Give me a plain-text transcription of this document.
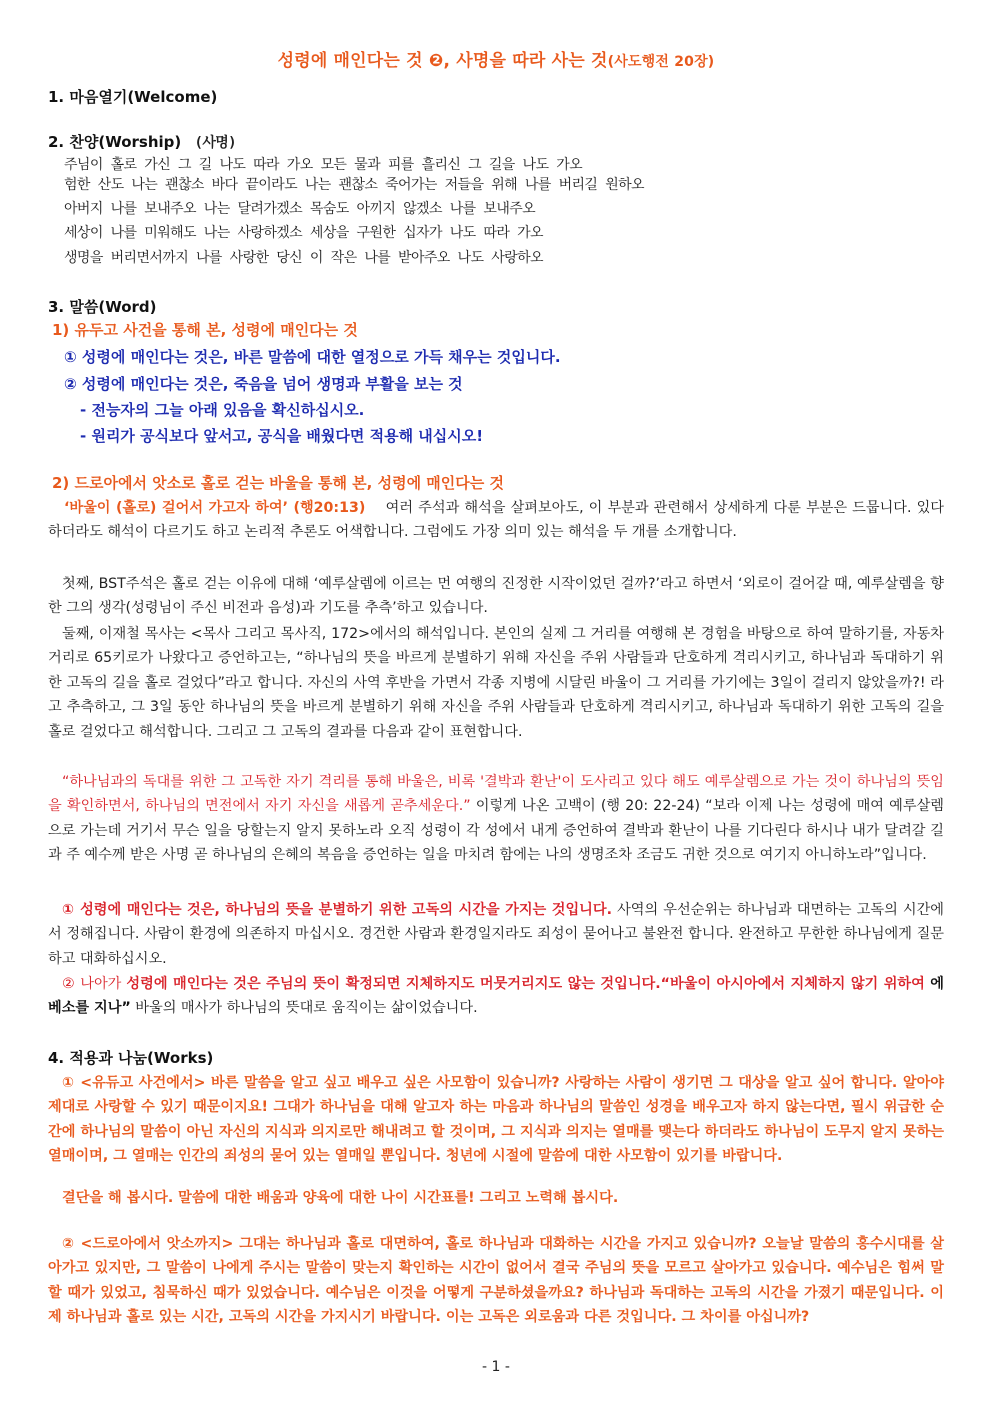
성령에 매인다는 것 ❷, 사명을 따라 사는 것(사도행전 20장)
1. 마음열기(Welcome)
2. 찬양(Worship) (사명)
주님이 홀로 가신 그 길 나도 따라 가오 모든 물과 피를 흘리신 그 길을 나도 가오
험한 산도 나는 괜찮소 바다 끝이라도 나는 괜찮소 죽어가는 저들을 위해 나를 버리길 원하오
아버지 나를 보내주오 나는 달려가겠소 목숨도 아끼지 않겠소 나를 보내주오
세상이 나를 미워해도 나는 사랑하겠소 세상을 구원한 십자가 나도 따라 가오
생명을 버리면서까지 나를 사랑한 당신 이 작은 나를 받아주오 나도 사랑하오
3. 말씀(Word)
1) 유두고 사건을 통해 본, 성령에 매인다는 것
① 성령에 매인다는 것은, 바른 말씀에 대한 열정으로 가득 채우는 것입니다.
② 성령에 매인다는 것은, 죽음을 넘어 생명과 부활을 보는 것
- 전능자의 그늘 아래 있음을 확신하십시오.
- 원리가 공식보다 앞서고, 공식을 배웠다면 적용해 내십시오!
2) 드로아에서 앗소로 홀로 걷는 바울을 통해 본, 성령에 매인다는 것
‘바울이 (홀로) 걸어서 가고자 하여’ (행20:13) 여러 주석과 해석을 살펴보아도, 이 부분과 관련해서 상세하게 다룬 부분은 드뭅니다. 있다하더라도 해석이 다르기도 하고 논리적 추론도 어색합니다. 그럼에도 가장 의미 있는 해석을 두 개를 소개합니다.
첫째, BST주석은 홀로 걷는 이유에 대해 ‘예루살렘에 이르는 먼 여행의 진정한 시작이었던 걸까?’라고 하면서 ‘외로이 걸어갈 때, 예루살렘을 향한 그의 생각(성령님이 주신 비전과 음성)과 기도를 추측’하고 있습니다.
둘째, 이재철 목사는 <목사 그리고 목사직, 172>에서의 해석입니다. 본인의 실제 그 거리를 여행해 본 경험을 바탕으로 하여 말하기를, 자동차 거리로 65키로가 나왔다고 증언하고는, “하나님의 뜻을 바르게 분별하기 위해 자신을 주위 사람들과 단호하게 격리시키고, 하나님과 독대하기 위한 고독의 길을 홀로 걸었다”라고 합니다. 자신의 사역 후반을 가면서 각종 지병에 시달린 바울이 그 거리를 가기에는 3일이 걸리지 않았을까?! 라고 추측하고, 그 3일 동안 하나님의 뜻을 바르게 분별하기 위해 자신을 주위 사람들과 단호하게 격리시키고, 하나님과 독대하기 위한 고독의 길을 홀로 걸었다고 해석합니다. 그리고 그 고독의 결과를 다음과 같이 표현합니다.
“하나님과의 독대를 위한 그 고독한 자기 격리를 통해 바울은, 비록 '결박과 환난'이 도사리고 있다 해도 예루살렘으로 가는 것이 하나님의 뜻임을 확인하면서, 하나님의 면전에서 자기 자신을 새롭게 곧추세운다.” 이렇게 나온 고백이 (행 20: 22-24) “보라 이제 나는 성령에 매여 예루살렘으로 가는데 거기서 무슨 일을 당할는지 알지 못하노라 오직 성령이 각 성에서 내게 증언하여 결박과 환난이 나를 기다린다 하시나 내가 달려갈 길과 주 예수께 받은 사명 곧 하나님의 은혜의 복음을 증언하는 일을 마치려 함에는 나의 생명조차 조금도 귀한 것으로 여기지 아니하노라”입니다.
① 성령에 매인다는 것은, 하나님의 뜻을 분별하기 위한 고독의 시간을 가지는 것입니다. 사역의 우선순위는 하나님과 대면하는 고독의 시간에서 정해집니다. 사람이 환경에 의존하지 마십시오. 경건한 사람과 환경일지라도 죄성이 묻어나고 불완전 합니다. 완전하고 무한한 하나님에게 질문하고 대화하십시오.
② 나아가 성령에 매인다는 것은 주님의 뜻이 확정되면 지체하지도 머뭇거리지도 않는 것입니다.“바울이 아시아에서 지체하지 않기 위하여 에베소를 지나” 바울의 매사가 하나님의 뜻대로 움직이는 삶이었습니다.
4. 적용과 나눔(Works)
① <유듀고 사건에서> 바른 말씀을 알고 싶고 배우고 싶은 사모함이 있습니까? 사랑하는 사람이 생기면 그 대상을 알고 싶어 합니다. 알아야 제대로 사랑할 수 있기 때문이지요! 그대가 하나님을 대해 알고자 하는 마음과 하나님의 말씀인 성경을 배우고자 하지 않는다면, 필시 위급한 순간에 하나님의 말씀이 아닌 자신의 지식과 의지로만 해내려고 할 것이며, 그 지식과 의지는 열매를 맺는다 하더라도 하나님이 도무지 알지 못하는 열매이며, 그 열매는 인간의 죄성의 묻어 있는 열매일 뿐입니다. 청년에 시절에 말씀에 대한 사모함이 있기를 바랍니다.
결단을 해 봅시다. 말씀에 대한 배움과 양육에 대한 나이 시간표를! 그리고 노력해 봅시다.
② <드로아에서 앗소까지> 그대는 하나님과 홀로 대면하여, 홀로 하나님과 대화하는 시간을 가지고 있습니까? 오늘날 말씀의 홍수시대를 살아가고 있지만, 그 말씀이 나에게 주시는 말씀이 맞는지 확인하는 시간이 없어서 결국 주님의 뜻을 모르고 살아가고 있습니다. 예수님은 힘써 말할 때가 있었고, 침묵하신 때가 있었습니다. 예수님은 이것을 어떻게 구분하셨을까요? 하나님과 독대하는 고독의 시간을 가졌기 때문입니다. 이제 하나님과 홀로 있는 시간, 고독의 시간을 가지시기 바랍니다. 이는 고독은 외로움과 다른 것입니다. 그 차이를 아십니까?
- 1 -
